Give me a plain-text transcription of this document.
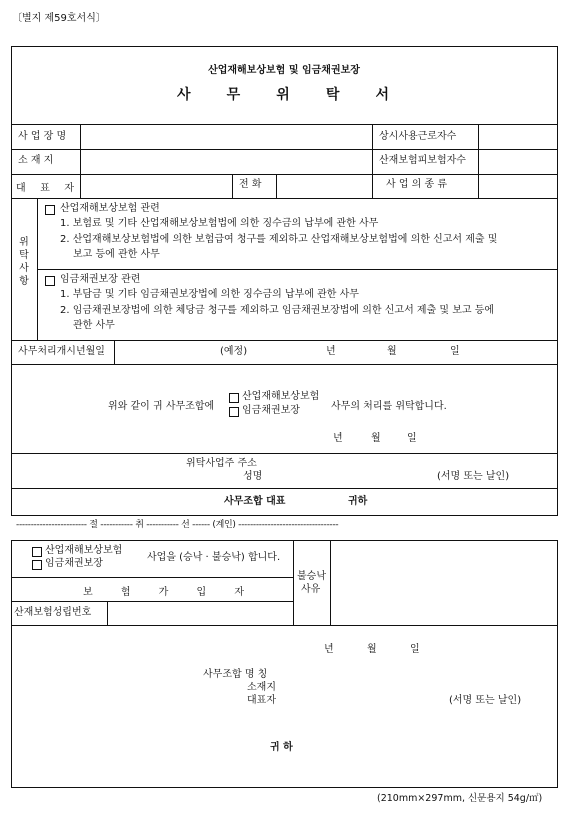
〔별지 제59호서식〕
산업재해보상보험 및 임금채권보장
사	무	위	탁	서
사 업 장 명	상시사용근로자수
소 재 지	산재보험피보험자수
대 표 자	전 화	사 업 의 종 류
위
탁
사
항
산업재해보상보험 관련
1. 보험료 및 기타 산업재해보상보험법에 의한 징수금의 납부에 관한 사무
2. 산업재해보상보험법에 의한 보험급여 청구를 제외하고 산업재해보상보험법에 의한 신고서 제출 및
보고 등에 관한 사무
임금채권보장 관련
1. 부담금 및 기타 임금채권보장법에 의한 징수금의 납부에 관한 사무
2. 임금채권보장법에 의한 체당금 청구를 제외하고 임금채권보장법에 의한 신고서 제출 및 보고 등에
관한 사무
사무처리개시년월일	(예정)	년	월	일
위와 같이 귀 사무조합에
산업재해보상보험
임금채권보장	사무의 처리를 위탁합니다.
년	월	일
위탁사업주 주소
성명	(서명 또는 날인)
사무조합 대표	귀하
------------------------ 절 ----------- 취 ----------- 선 ------ (계인) ----------------------------------
산업재해보상보험
임금채권보장
사업을 (승낙 · 불승낙) 합니다.
불승낙
사유
보	험	가	입	자
산재보험성립번호
년	월	일
사무조합 명 칭
소재지
대표자	(서명 또는 날인)
귀 하
(210mm×297mm, 신문용지 54g/㎡)
